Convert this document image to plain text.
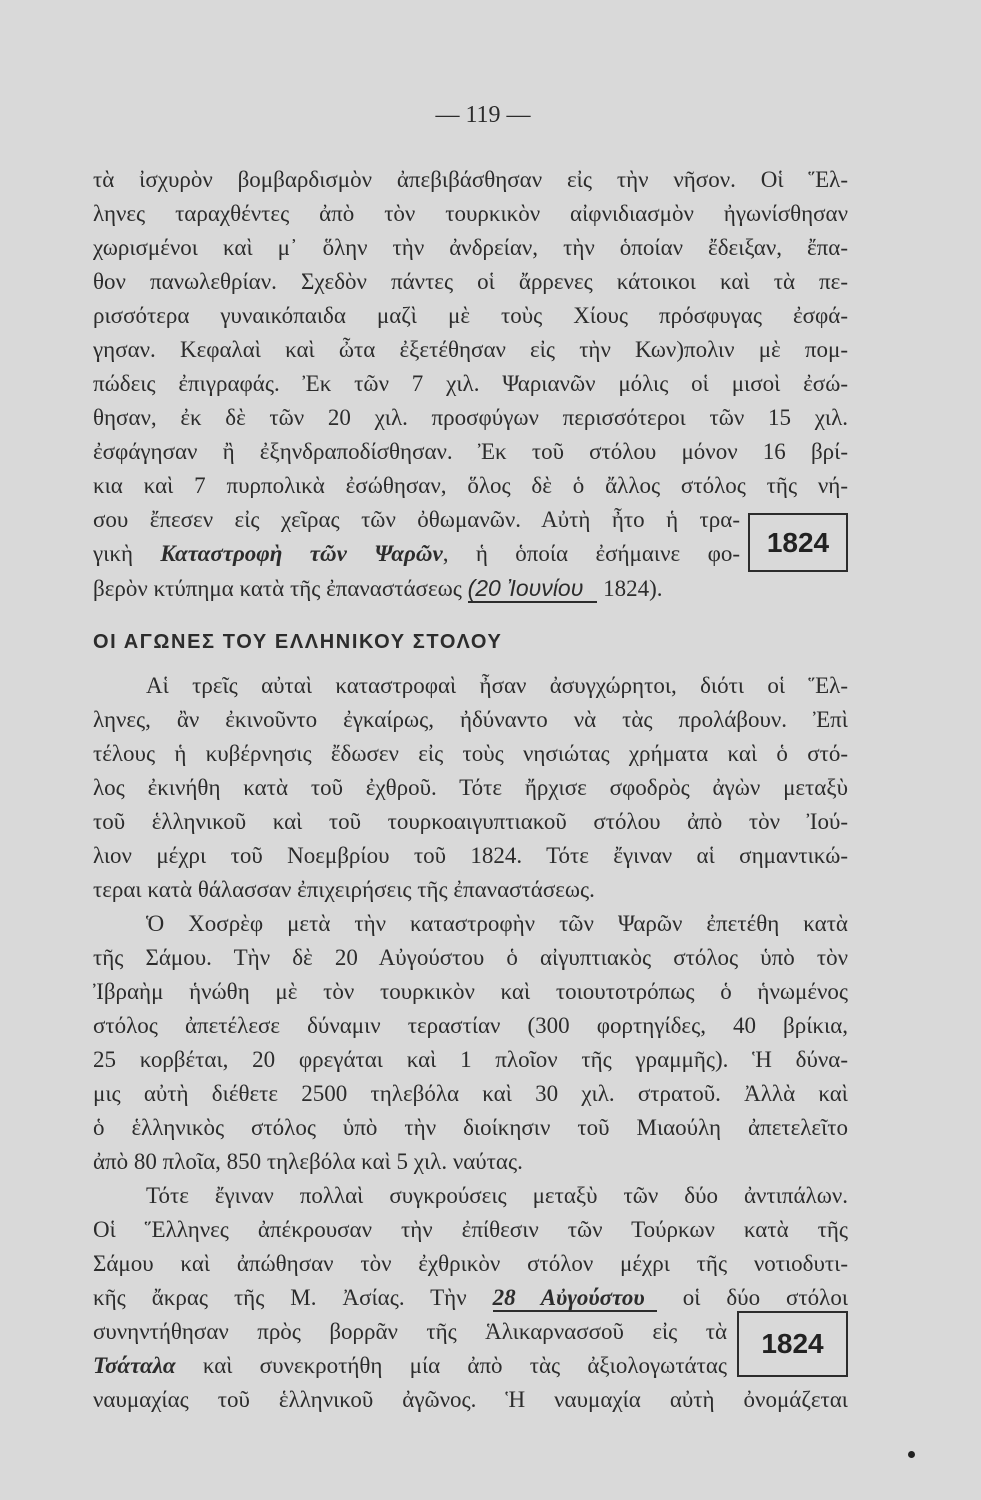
— 119 —
τὰ ἰσχυρὸν βομβαρδισμὸν ἀπεβιβάσθησαν εἰς τὴν νῆσον. Οἱ Ἕλ-
ληνες ταραχθέντες ἀπὸ τὸν τουρκικὸν αἰφνιδιασμὸν ἠγωνίσθησαν
χωρισμένοι καὶ μ᾿ ὅλην τὴν ἀνδρείαν, τὴν ὁποίαν ἔδειξαν, ἔπα-
θον πανωλεθρίαν. Σχεδὸν πάντες οἱ ἄρρενες κάτοικοι καὶ τὰ πε-
ρισσότερα γυναικόπαιδα μαζὶ μὲ τοὺς Χίους πρόσφυγας ἐσφά-
γησαν. Κεφαλαὶ καὶ ὦτα ἐξετέθησαν εἰς τὴν Κων)πολιν μὲ πομ-
πώδεις ἐπιγραφάς. Ἐκ τῶν 7 χιλ. Ψαριανῶν μόλις οἱ μισοὶ ἐσώ-
θησαν, ἐκ δὲ τῶν 20 χιλ. προσφύγων περισσότεροι τῶν 15 χιλ.
ἐσφάγησαν ἢ ἐξηνδραποδίσθησαν. Ἐκ τοῦ στόλου μόνον 16 βρί-
κια καὶ 7 πυρπολικὰ ἐσώθησαν, ὅλος δὲ ὁ ἄλλος στόλος τῆς νή-
σου ἔπεσεν εἰς χεῖρας τῶν ὀθωμανῶν. Αὐτὴ ἦτο ἡ τρα-
γικὴ Καταστροφὴ τῶν Ψαρῶν, ἡ ὁποία ἐσήμαινε φο-
βερὸν κτύπημα κατὰ τῆς ἐπαναστάσεως (20 Ἰουνίου 1824).
1824
ΟΙ ΑΓΩΝΕΣ ΤΟΥ ΕΛΛΗΝΙΚΟΥ ΣΤΟΛΟΥ
Αἱ τρεῖς αὐταὶ καταστροφαὶ ἦσαν ἀσυγχώρητοι, διότι οἱ Ἕλ-
ληνες, ἂν ἐκινοῦντο ἐγκαίρως, ἠδύναντο νὰ τὰς προλάβουν. Ἐπὶ
τέλους ἡ κυβέρνησις ἔδωσεν εἰς τοὺς νησιώτας χρήματα καὶ ὁ στό-
λος ἐκινήθη κατὰ τοῦ ἐχθροῦ. Τότε ἤρχισε σφοδρὸς ἀγὼν μεταξὺ
τοῦ ἑλληνικοῦ καὶ τοῦ τουρκοαιγυπτιακοῦ στόλου ἀπὸ τὸν Ἰού-
λιον μέχρι τοῦ Νοεμβρίου τοῦ 1824. Τότε ἔγιναν αἱ σημαντικώ-
τεραι κατὰ θάλασσαν ἐπιχειρήσεις τῆς ἐπαναστάσεως.
Ὁ Χοσρὲφ μετὰ τὴν καταστροφὴν τῶν Ψαρῶν ἐπετέθη κατὰ
τῆς Σάμου. Τὴν δὲ 20 Αὐγούστου ὁ αἰγυπτιακὸς στόλος ὑπὸ τὸν
Ἰβραὴμ ἡνώθη μὲ τὸν τουρκικὸν καὶ τοιουτοτρόπως ὁ ἡνωμένος
στόλος ἀπετέλεσε δύναμιν τεραστίαν (300 φορτηγίδες, 40 βρίκια,
25 κορβέται, 20 φρεγάται καὶ 1 πλοῖον τῆς γραμμῆς). Ἡ δύνα-
μις αὐτὴ διέθετε 2500 τηλεβόλα καὶ 30 χιλ. στρατοῦ. Ἀλλὰ καὶ
ὁ ἑλληνικὸς στόλος ὑπὸ τὴν διοίκησιν τοῦ Μιαούλη ἀπετελεῖτο
ἀπὸ 80 πλοῖα, 850 τηλεβόλα καὶ 5 χιλ. ναύτας.
Τότε ἔγιναν πολλαὶ συγκρούσεις μεταξὺ τῶν δύο ἀντιπάλων.
Οἱ Ἕλληνες ἀπέκρουσαν τὴν ἐπίθεσιν τῶν Τούρκων κατὰ τῆς
Σάμου καὶ ἀπώθησαν τὸν ἐχθρικὸν στόλον μέχρι τῆς νοτιοδυτι-
κῆς ἄκρας τῆς Μ. Ἀσίας. Τὴν 28 Αὐγούστου οἱ δύο στόλοι
συνηντήθησαν πρὸς βορρᾶν τῆς Ἁλικαρνασσοῦ εἰς τὰ
Τσάταλα καὶ συνεκροτήθη μία ἀπὸ τὰς ἀξιολογωτάτας
ναυμαχίας τοῦ ἑλληνικοῦ ἀγῶνος. Ἡ ναυμαχία αὐτὴ ὀνομάζεται
1824
